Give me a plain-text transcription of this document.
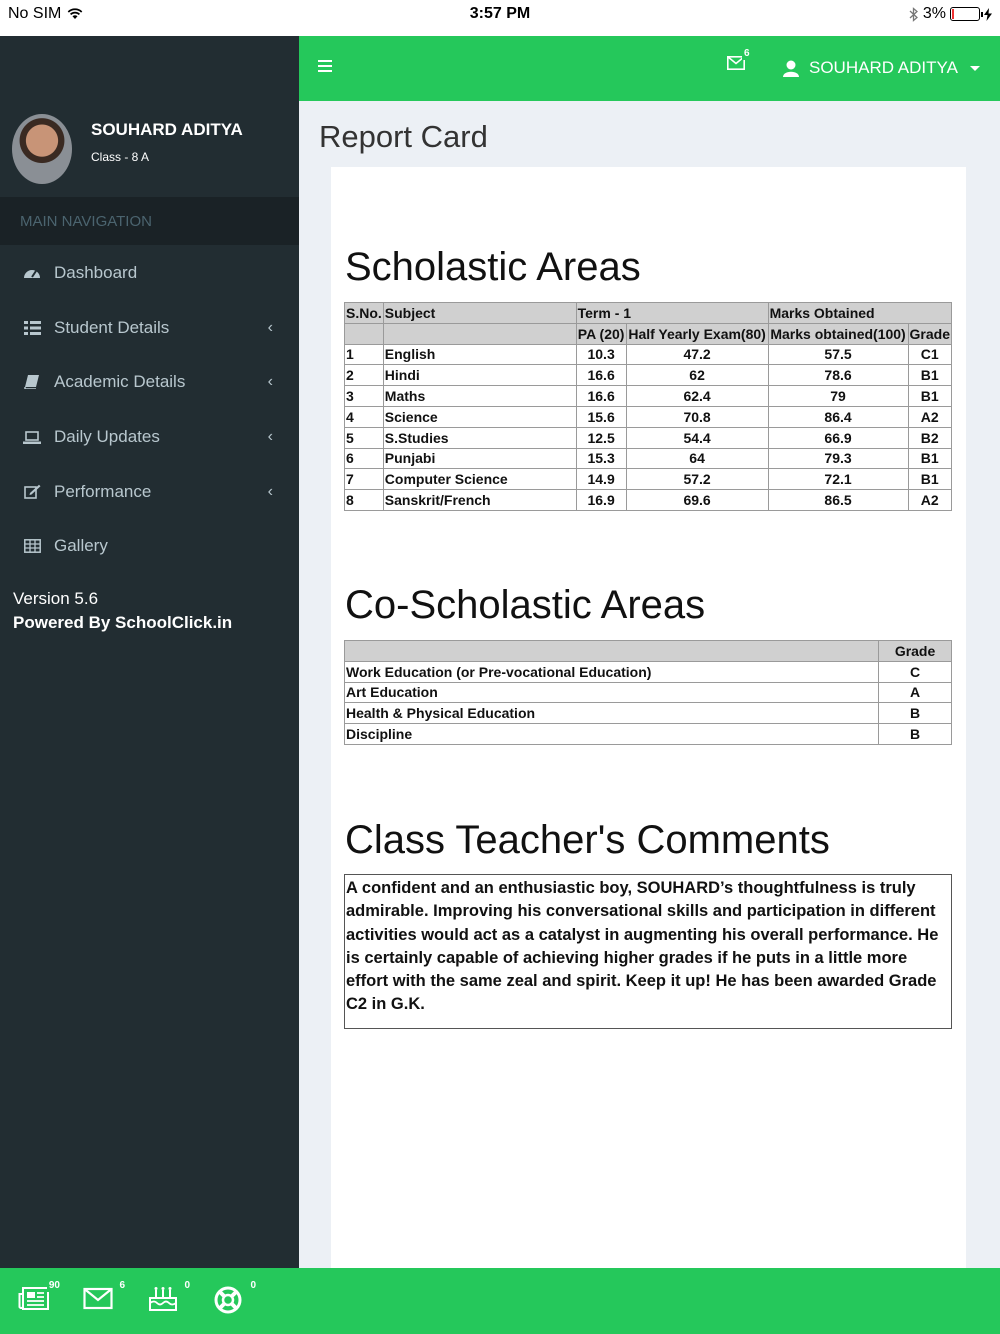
No SIM	3:57 PM	3%
SOUHARD ADITYA
Class - 8 A
MAIN NAVIGATION
Dashboard
Student Details	‹
Academic Details	‹
Daily Updates	‹
Performance	‹
Gallery
Version 5.6
Powered By SchoolClick.in
6
SOUHARD ADITYA
Report Card
Scholastic Areas
S.No.	Subject	Term - 1		Marks Obtained	
		PA (20)	Half Yearly Exam(80)	Marks obtained(100)	Grade
1	English	10.3	47.2	57.5	C1
2	Hindi	16.6	62	78.6	B1
3	Maths	16.6	62.4	79	B1
4	Science	15.6	70.8	86.4	A2
5	S.Studies	12.5	54.4	66.9	B2
6	Punjabi	15.3	64	79.3	B1
7	Computer Science	14.9	57.2	72.1	B1
8	Sanskrit/French	16.9	69.6	86.5	A2
Co-Scholastic Areas
	Grade
Work Education (or Pre-vocational Education)	C
Art Education	A
Health & Physical Education	B
Discipline	B
Class Teacher's Comments
A confident and an enthusiastic boy, SOUHARD’s thoughtfulness is truly admirable. Improving his conversational skills and participation in different activities would act as a catalyst in augmenting his overall performance. He is certainly capable of achieving higher grades if he puts in a little more effort with the same zeal and spirit. Keep it up! He has been awarded Grade C2 in G.K.
90	6	0	0
